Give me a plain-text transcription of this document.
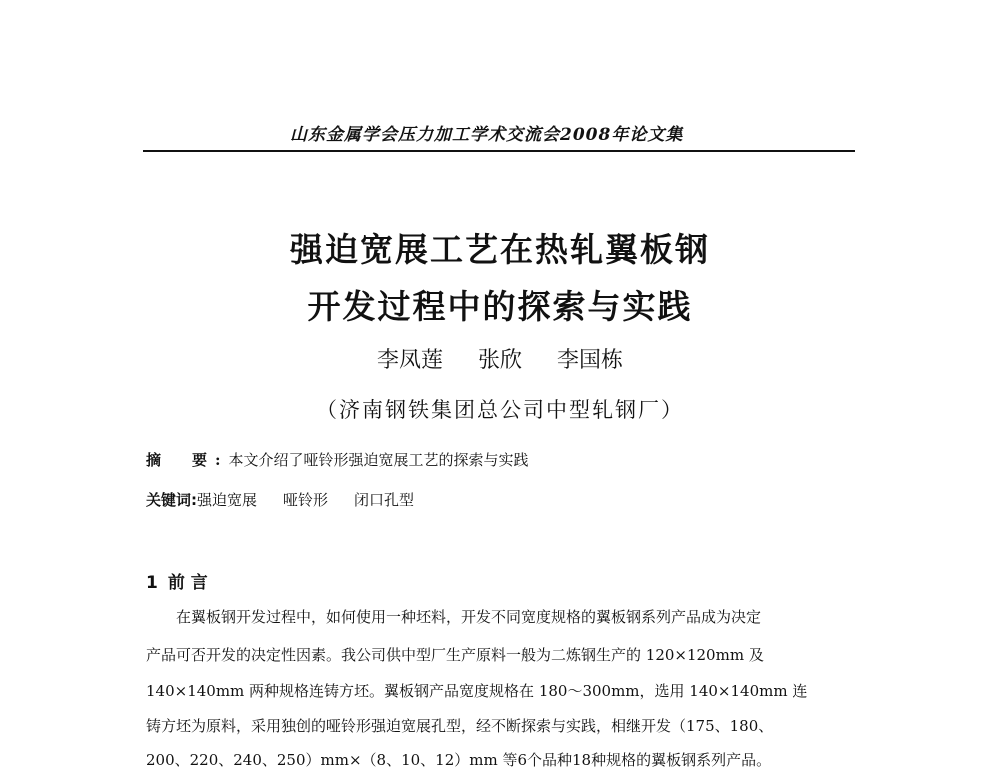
山东金属学会压力加工学术交流会2008年论文集
强迫宽展工艺在热轧翼板钢
开发过程中的探索与实践
李凤莲 张欣 李国栋
（济南钢铁集团总公司中型轧钢厂）
摘　要:本文介绍了哑铃形强迫宽展工艺的探索与实践
关键词:强迫宽展 哑铃形 闭口孔型
1 前 言
在翼板钢开发过程中，如何使用一种坯料，开发不同宽度规格的翼板钢系列产品成为决定
产品可否开发的决定性因素。我公司供中型厂生产原料一般为二炼钢生产的 120×120mm 及
140×140mm 两种规格连铸方坯。翼板钢产品宽度规格在 180～300mm，选用 140×140mm 连
铸方坯为原料，采用独创的哑铃形强迫宽展孔型，经不断探索与实践，相继开发（175、180、
200、220、240、250）mm×（8、10、12）mm 等6个品种18种规格的翼板钢系列产品。
